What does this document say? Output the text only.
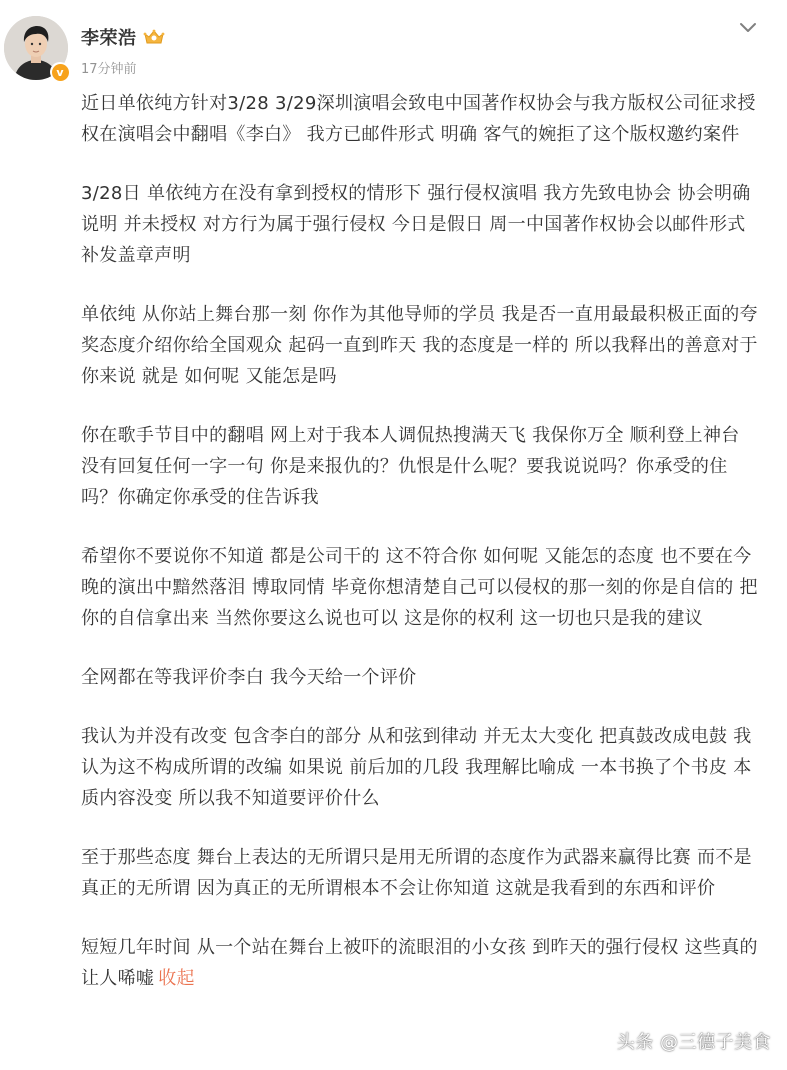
v
李荣浩
17分钟前

近日单依纯方针对3/28 3/29深圳演唱会致电中国著作权协会与我方版权公司征求授权在演唱会中翻唱《李白》 我方已邮件形式 明确 客气的婉拒了这个版权邀约案件

3/28日 单依纯方在没有拿到授权的情形下 强行侵权演唱 我方先致电协会 协会明确说明 并未授权 对方行为属于强行侵权 今日是假日 周一中国著作权协会以邮件形式补发盖章声明

单依纯 从你站上舞台那一刻 你作为其他导师的学员 我是否一直用最最积极正面的夸奖态度介绍你给全国观众 起码一直到昨天 我的态度是一样的 所以我释出的善意对于你来说 就是 如何呢 又能怎是吗

你在歌手节目中的翻唱 网上对于我本人调侃热搜满天飞 我保你万全 顺利登上神台 没有回复任何一字一句 你是来报仇的？仇恨是什么呢？要我说说吗？你承受的住吗？你确定你承受的住告诉我

希望你不要说你不知道 都是公司干的 这不符合你 如何呢 又能怎的态度 也不要在今晚的演出中黯然落泪 博取同情 毕竟你想清楚自己可以侵权的那一刻的你是自信的 把你的自信拿出来 当然你要这么说也可以 这是你的权利 这一切也只是我的建议

全网都在等我评价李白 我今天给一个评价

我认为并没有改变 包含李白的部分 从和弦到律动 并无太大变化 把真鼓改成电鼓 我认为这不构成所谓的改编 如果说 前后加的几段 我理解比喻成 一本书换了个书皮 本质内容没变 所以我不知道要评价什么

至于那些态度 舞台上表达的无所谓只是用无所谓的态度作为武器来赢得比赛 而不是真正的无所谓 因为真正的无所谓根本不会让你知道 这就是我看到的东西和评价

短短几年时间 从一个站在舞台上被吓的流眼泪的小女孩 到昨天的强行侵权 这些真的让人唏嘘 收起

头条 @三德子美食
